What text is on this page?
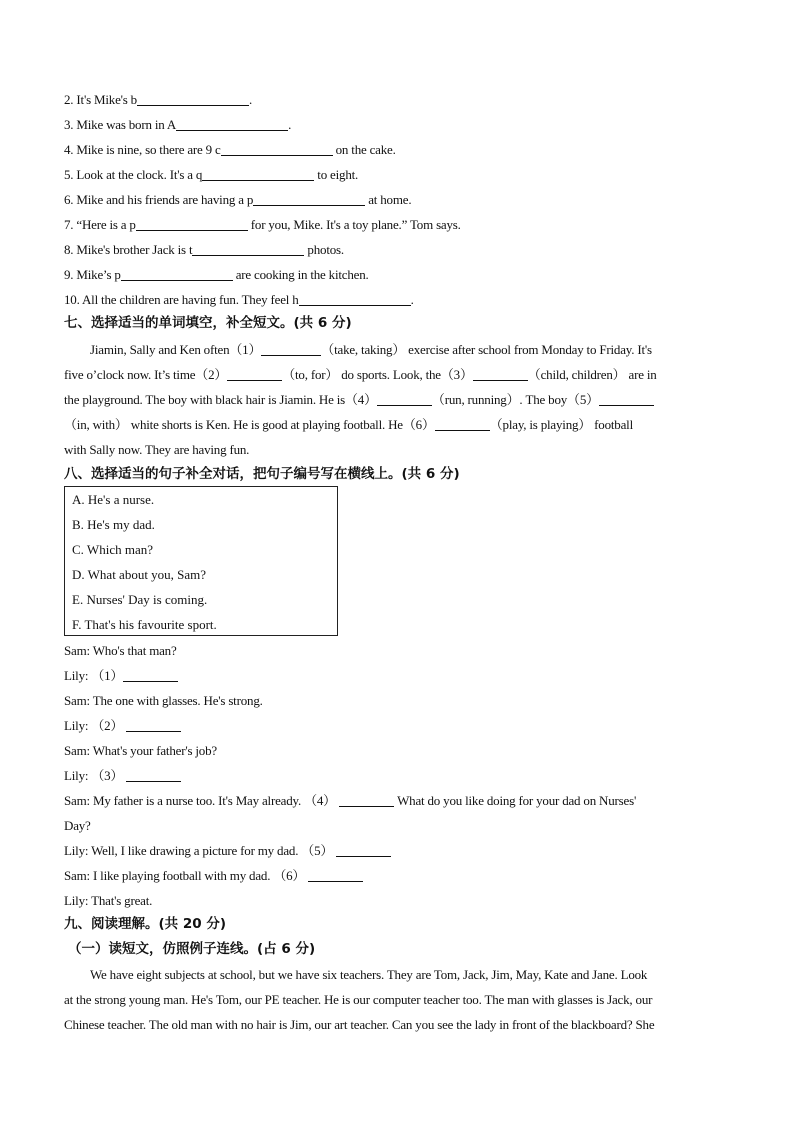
2. It's Mike's b	.
3. Mike was born in A	.
4. Mike is nine, so there are 9 c	on the cake.
5. Look at the clock. It's a q	to eight.
6. Mike and his friends are having a p	at home.
7. “Here is a p	for you, Mike. It's a toy plane.” Tom says.
8. Mike's brother Jack is t	photos.
9. Mike’s p	are cooking in the kitchen.
10. All the children are having fun. They feel h	.
七、选择适当的单词填空，补全短文。(共 6 分)
Jiamin, Sally and Ken often（1）	（take, taking） exercise after school from Monday to Friday. It's
five o’clock now. It’s time（2）	（to, for） do sports. Look, the（3）	（child, children） are in
the playground. The boy with black hair is Jiamin. He is（4）	（run, running）. The boy（5）
（in, with） white shorts is Ken. He is good at playing football. He（6）	（play, is playing） football
with Sally now. They are having fun.
八、选择适当的句子补全对话，把句子编号写在横线上。(共 6 分)
A. He's a nurse.
B. He's my dad.
C. Which man?
D. What about you, Sam?
E. Nurses' Day is coming.
F. That's his favourite sport.
Sam: Who's that man?
Lily: （1）
Sam: The one with glasses. He's strong.
Lily: （2）
Sam: What's your father's job?
Lily: （3）
Sam: My father is a nurse too. It's May already. （4）	What do you like doing for your dad on Nurses'
Day?
Lily: Well, I like drawing a picture for my dad. （5）
Sam: I like playing football with my dad. （6）
Lily: That's great.
九、阅读理解。(共 20 分)
（一）读短文，仿照例子连线。(占 6 分)
We have eight subjects at school, but we have six teachers. They are Tom, Jack, Jim, May, Kate and Jane. Look
at the strong young man. He's Tom, our PE teacher. He is our computer teacher too. The man with glasses is Jack, our
Chinese teacher. The old man with no hair is Jim, our art teacher. Can you see the lady in front of the blackboard? She
